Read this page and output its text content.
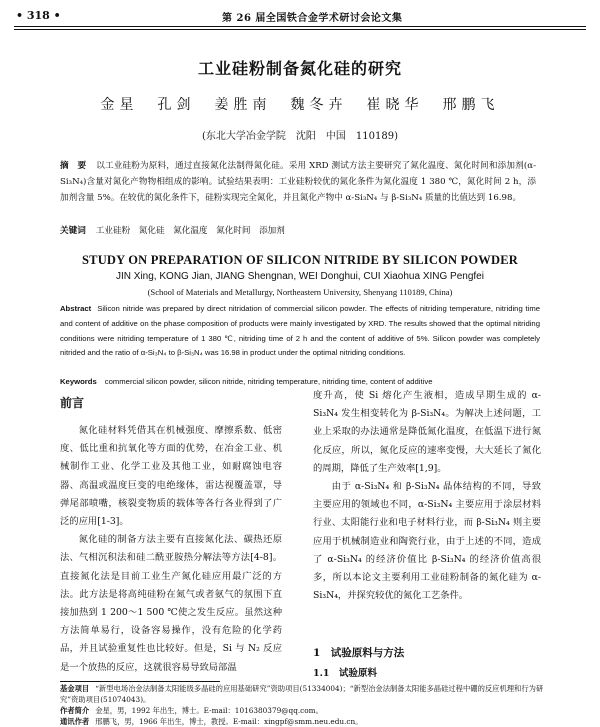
• 318 •	第 26 届全国铁合金学术研讨会论文集
工业硅粉制备氮化硅的研究
金星　孔剑　姜胜南　魏冬卉　崔晓华　邢鹏飞
(东北大学冶金学院　沈阳　中国　110189)
摘　要 以工业硅粉为原料，通过直接氮化法制得氮化硅。采用 XRD 测试方法主要研究了氮化温度、氮化时间和添加剂(α-Si₃N₄)含量对氮化产物物相组成的影响。试验结果表明：工业硅粉较优的氮化条件为氮化温度 1 380 ℃，氮化时间 2 h，添加剂含量 5%。在较优的氮化条件下，硅粉实现完全氮化，并且氮化产物中 α-Si₃N₄ 与 β-Si₃N₄ 质量的比值达到 16.98。
关键词 工业硅粉　氮化硅　氮化温度　氮化时间　添加剂
STUDY ON PREPARATION OF SILICON NITRIDE BY SILICON POWDER
JIN Xing, KONG Jian, JIANG Shengnan, WEI Donghui, CUI Xiaohua XING Pengfei
(School of Materials and Metallurgy, Northeastern University, Shenyang 110189, China)
Abstract Silicon nitride was prepared by direct nitridation of commercial silicon powder. The effects of nitriding temperature, nitriding time and content of additive on the phase composition of products were mainly investigated by XRD. The results showed that the optimal nitriding conditions were nitriding temperature of 1 380 ℃, nitriding time of 2 h and the content of additive of 5%. Silicon powder was completely nitrided and the ratio of α-Si₃N₄ to β-Si₃N₄ was 16.98 in product under the optimal nitriding conditions.
Keywords commercial silicon powder, silicon nitride, nitriding temperature, nitriding time, content of additive
前言

氮化硅材料凭借其在机械强度、摩擦系数、低密度、低比重和抗氧化等方面的优势，在冶金工业、机械制作工业、化学工业及其他工业，如耐腐蚀电容器、高温或温度巨变的电绝缘体，雷达视覆盖罩，导弹尾部喷嘴，核裂变物质的载体等各行各业得到了广泛的应用[1-3]。

氮化硅的制备方法主要有直接氮化法、碳热还原法、气相沉积法和硅二酰亚胺热分解法等方法[4-8]。直接氮化法是目前工业生产氮化硅应用最广泛的方法。此方法是将高纯硅粉在氮气或者氨气的氛围下直接加热到 1 200～1 500 ℃使之发生反应。虽然这种方法简单易行，设备容易操作，没有危险的化学药品，并且试验重复性也比较好。但是，Si 与 N₂ 反应是一个放热的反应，这就很容易导致局部温

度升高，使 Si 熔化产生液相，造成早期生成的 α-Si₃N₄ 发生相变转化为 β-Si₃N₄。为解决上述问题，工业上采取的办法通常是降低氮化温度，在低温下进行氮化反应，所以，氮化反应的速率变慢，大大延长了氮化的周期，降低了生产效率[1,9]。

由于 α-Si₃N₄ 和 β-Si₃N₄ 晶体结构的不同，导致主要应用的领域也不同，α-Si₃N₄ 主要应用于涂层材料行业、太阳能行业和电子材料行业，而 β-Si₃N₄ 则主要应用于机械制造业和陶瓷行业，由于上述的不同，造成了 α-Si₃N₄ 的经济价值比 β-Si₃N₄ 的经济价值高很多，所以本论文主要利用工业硅粉制备的氮化硅为 α-Si₃N₄，并探究较优的氮化工艺条件。

1　试验原料与方法
1.1　试验原料
基金项目 “新型电场冶金法制备太阳能级多晶硅的应用基础研究”资助项目(51334004)；“新型冶金法制备太阳能多晶硅过程中硼的反应机理和行为研究”资助项目(51074043)。
作者简介 金星，男，1992 年出生，博士。E-mail：1016380379@qq.com。
通讯作者 邢鹏飞，男，1966 年出生，博士，教授。E-mail：xingpf@smm.neu.edu.cn。
